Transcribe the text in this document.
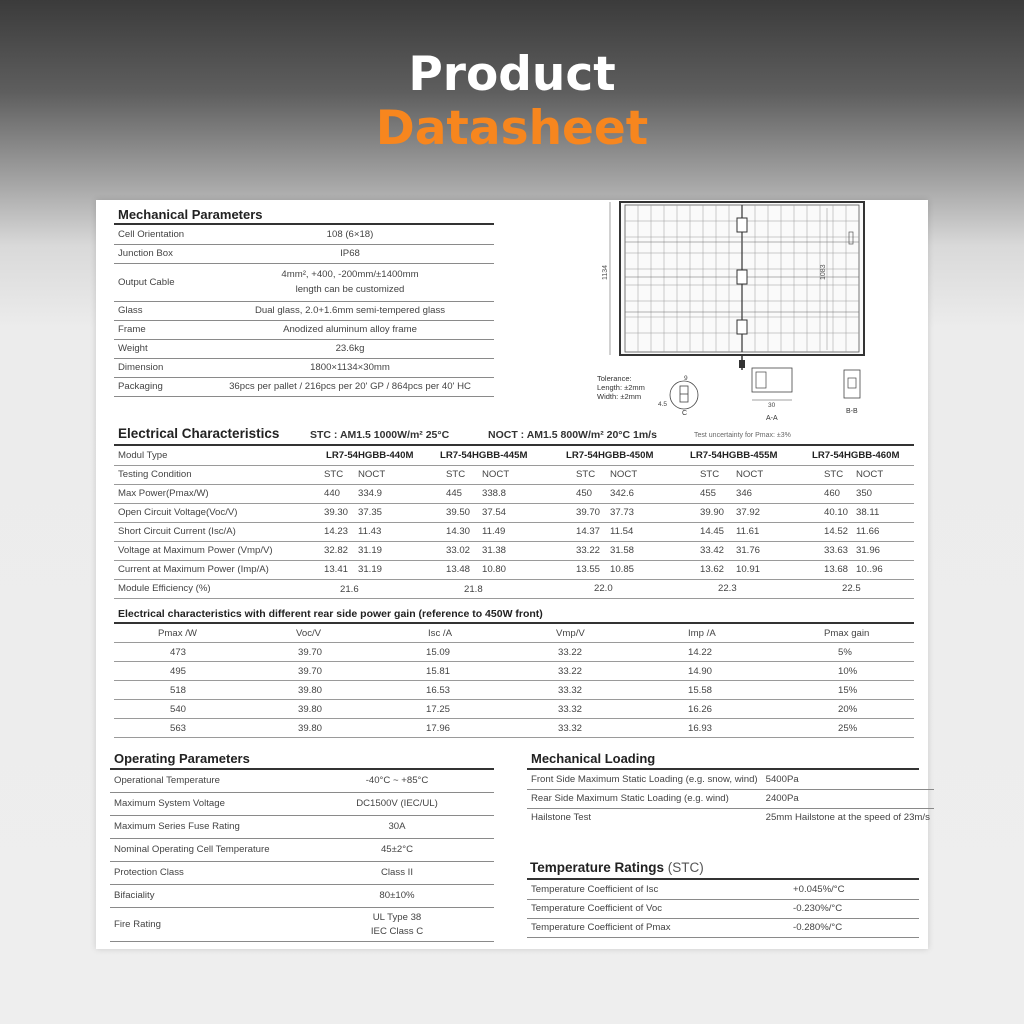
Product
Datasheet
Mechanical Parameters
Cell Orientation	108 (6×18)
Junction Box	IP68
Output Cable	4mm², +400, -200mm/±1400mm
length can be customized

Glass	Dual glass, 2.0+1.6mm semi-tempered glass
Frame	Anodized aluminum alloy frame
Weight	23.6kg
Dimension	1800×1134×30mm
Packaging	36pcs per pallet / 216pcs per 20' GP / 864pcs per 40' HC
1134	1083
Tolerance:
Length: ±2mm
Width: ±2mm
9
4.5
C
30
A-A
B-B
Electrical Characteristics	STC : AM1.5 1000W/m² 25°C	NOCT : AM1.5 800W/m² 20°C 1m/s	Test uncertainty for Pmax: ±3%
Modul Type	LR7-54HGBB-440M	LR7-54HGBB-445M	LR7-54HGBB-450M	LR7-54HGBB-455M	LR7-54HGBB-460M
Testing Condition	STC NOCT	STC NOCT	STC NOCT	STC NOCT	STC NOCT
Max Power(Pmax/W)	440 334.9	445 338.8	450 342.6	455 346	460 350
Open Circuit Voltage(Voc/V)	39.30 37.35	39.50 37.54	39.70 37.73	39.90 37.92	40.10 38.11
Short Circuit Current (Isc/A)	14.23 11.43	14.30 11.49	14.37 11.54	14.45 11.61	14.52 11.66
Voltage at Maximum Power (Vmp/V)	32.82 31.19	33.02 31.38	33.22 31.58	33.42 31.76	33.63 31.96
Current at Maximum Power (Imp/A)	13.41 31.19	13.48 10.80	13.55 10.85	13.62 10.91	13.68 10..96
Module Efficiency (%)	21.6	21.8	22.0	22.3	22.5
Electrical characteristics with different rear side power gain (reference to 450W front)
Pmax /W	Voc/V	Isc /A	Vmp/V	Imp /A	Pmax gain
473	39.70	15.09	33.22	14.22	5%
495	39.70	15.81	33.22	14.90	10%
518	39.80	16.53	33.32	15.58	15%
540	39.80	17.25	33.32	16.26	20%
563	39.80	17.96	33.32	16.93	25%
Operating Parameters
Operational Temperature	-40°C ~ +85°C
Maximum System Voltage	DC1500V (IEC/UL)
Maximum Series Fuse Rating	30A
Nominal Operating Cell Temperature	45±2°C
Protection Class	Class II
Bifaciality	80±10%
Fire Rating	UL Type 38
IEC Class C
Mechanical Loading
Front Side Maximum Static Loading (e.g. snow, wind)	5400Pa
Rear Side Maximum Static Loading (e.g. wind)	2400Pa
Hailstone Test	25mm Hailstone at the speed of 23m/s
Temperature Ratings (STC)
Temperature Coefficient of Isc	+0.045%/°C
Temperature Coefficient of Voc	-0.230%/°C
Temperature Coefficient of Pmax	-0.280%/°C
